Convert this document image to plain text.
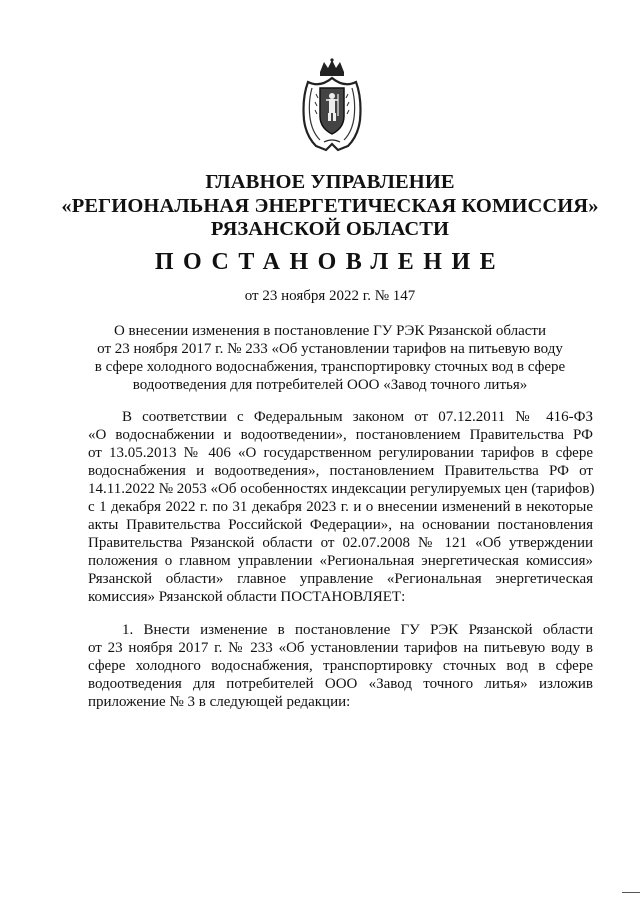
ГЛАВНОЕ УПРАВЛЕНИЕ
«РЕГИОНАЛЬНАЯ ЭНЕРГЕТИЧЕСКАЯ КОМИССИЯ»
РЯЗАНСКОЙ ОБЛАСТИ
ПОСТАНОВЛЕНИЕ
от 23 ноября 2022 г. № 147
О внесении изменения в постановление ГУ РЭК Рязанской области
от 23 ноября 2017 г. № 233 «Об установлении тарифов на питьевую воду
в сфере холодного водоснабжения, транспортировку сточных вод в сфере
водоотведения для потребителей ООО «Завод точного литья»
В соответствии с Федеральным законом от 07.12.2011 № 416-ФЗ
«О водоснабжении и водоотведении», постановлением Правительства РФ
от 13.05.2013 № 406 «О государственном регулировании тарифов в сфере
водоснабжения и водоотведения», постановлением Правительства РФ от
14.11.2022 № 2053 «Об особенностях индексации регулируемых цен (тарифов)
с 1 декабря 2022 г. по 31 декабря 2023 г. и о внесении изменений в некоторые
акты Правительства Российской Федерации», на основании постановления
Правительства Рязанской области от 02.07.2008 № 121 «Об утверждении
положения о главном управлении «Региональная энергетическая комиссия»
Рязанской области» главное управление «Региональная энергетическая
комиссия» Рязанской области ПОСТАНОВЛЯЕТ:
1. Внести изменение в постановление ГУ РЭК Рязанской области
от 23 ноября 2017 г. № 233 «Об установлении тарифов на питьевую воду в
сфере холодного водоснабжения, транспортировку сточных вод в сфере
водоотведения для потребителей ООО «Завод точного литья» изложив
приложение № 3 в следующей редакции:
